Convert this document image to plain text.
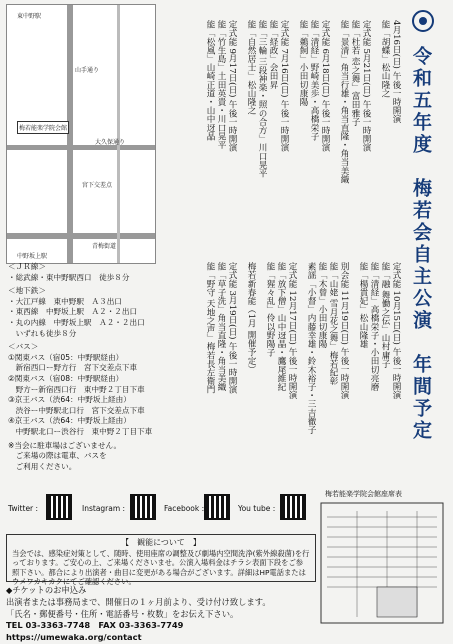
令和五年度　梅若会自主公演　年間予定
4月16日(日) 午後一時開演
能「胡蝶」松山隆之
定式能 5月21日(日) 午後一時開演
能「杜若 恋之舞」富田雅子
能「景清」角当行雄・角当直隆・角当美織
定式能 6月18日(日) 午後一時開演
能「清経」野崎美歩・高橋栄子
能「鵜飼」小田切康陽
定式能 7月16日(日) 午後一時開演
能「経政」会田昇
能「三輪 三段神楽・照の合方」川口晃平
能「自然居士」松山隆之
定式能 9月17日(日) 午後一時開演
能「竹生島」土田英貴・川口晃平
能「松風」山崎正道・山中迓晶
定式能 10月15日(日) 午後一時開演
能「融 舞働之伝」山村庸子
能「清経」高橋栄子・小田切亮磨
能「楊貴妃」松山隆雄
別会能 11月19日(日) 午後一時開演
能「山姥 雪月花之舞」梅若紀彰
能「木曾」小田切康陽
素謡「小督」内藤幸雄・鈴木裕子・三吉徹子
定式能 12月17日(日) 午後一時開演
能「放下僧」山中迓晶・鷹尾維紀
能「猩々乱」伶以野陽子
梅若新春能（1月 開催予定）
定式能 3月19日(日) 午後一時開演
能「草子洗」角当直隆・角当美織
能「野守 天地之声」梅若長左衛門
山手通り
大久保通り
青梅街道
梅若能楽学院会館
東中野駅
中野坂上駅
宮下交差点
＜ＪＲ線＞
・総武線・東中野駅西口　徒歩８分
＜地下鉄＞
・大江戸線　東中野駅　Ａ３出口
・東西線　中野坂上駅　Ａ２・２出口
・丸の内線　中野坂上駅　Ａ２・２出口
　いずれも徒歩８分
＜バス＞
①関東バス（宿05：中野駅経由）
　新宿西口ー野方行　宮下交差点下車
②関東バス（宿08：中野駅経由）
　野方ー新宿西口行　東中野２丁目下車
③京王バス（渋64：中野坂上経由）
　渋谷ー中野駅北口行　宮下交差点下車
④京王バス（渋64：中野坂上経由）
　中野駅北口ー渋谷行　東中野２丁目下車
※当会に駐車場はございません。
　ご来場の際は電車、バスを
　ご利用ください。
Twitter :	Instagram :	Facebook :	You tube :
梅若能楽学院会館座席表
【　観能について　】
当会では、感染症対策として、随時、使用座席の調整及び劇場内空間洗浄(紫外線殺菌)を行っております。ご安心の上、ご来場くださいませ。公演入場料金はチラシ表面下段をご参照下さい。都合により出演者・曲目に変更がある場合がございます。詳細はHP電話またはウメワカキカクにてご確認ください。
◆チケットのお申込み
出演者または事務局まで、開催日の１ヶ月前より、受け付け致します。
「氏名・郵便番号・住所・電話番号・枚数」をお伝え下さい。
TEL 03-3363-7748　FAX 03-3363-7749　https://umewaka.org/contact
